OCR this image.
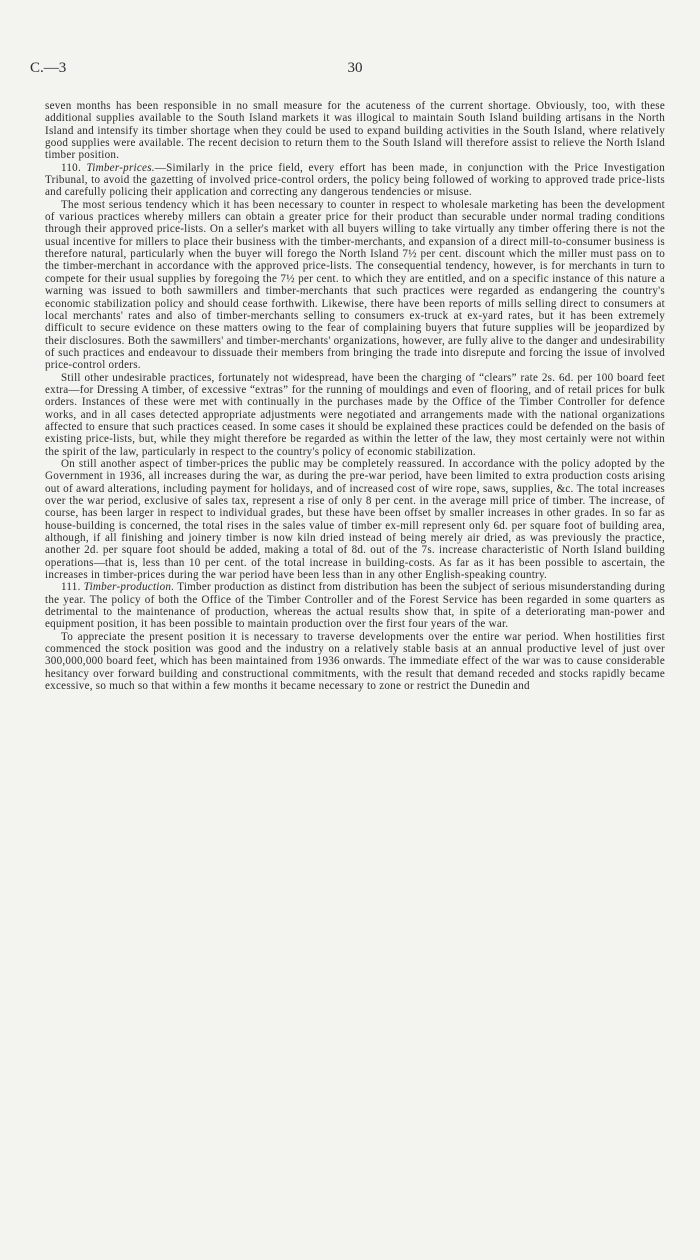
C.—3	30

seven months has been responsible in no small measure for the acuteness of the current shortage. Obviously, too, with these additional supplies available to the South Island markets it was illogical to maintain South Island building artisans in the North Island and intensify its timber shortage when they could be used to expand building activities in the South Island, where relatively good supplies were available. The recent decision to return them to the South Island will therefore assist to relieve the North Island timber position.

110. Timber-prices.—Similarly in the price field, every effort has been made, in conjunction with the Price Investigation Tribunal, to avoid the gazetting of involved price-control orders, the policy being followed of working to approved trade price-lists and carefully policing their application and correcting any dangerous tendencies or misuse.

The most serious tendency which it has been necessary to counter in respect to wholesale marketing has been the development of various practices whereby millers can obtain a greater price for their product than securable under normal trading conditions through their approved price-lists. On a seller's market with all buyers willing to take virtually any timber offering there is not the usual incentive for millers to place their business with the timber-merchants, and expansion of a direct mill-to-consumer business is therefore natural, particularly when the buyer will forego the North Island 7½ per cent. discount which the miller must pass on to the timber-merchant in accordance with the approved price-lists. The consequential tendency, however, is for merchants in turn to compete for their usual supplies by foregoing the 7½ per cent. to which they are entitled, and on a specific instance of this nature a warning was issued to both sawmillers and timber-merchants that such practices were regarded as endangering the country's economic stabilization policy and should cease forthwith. Likewise, there have been reports of mills selling direct to consumers at local merchants' rates and also of timber-merchants selling to consumers ex-truck at ex-yard rates, but it has been extremely difficult to secure evidence on these matters owing to the fear of complaining buyers that future supplies will be jeopardized by their disclosures. Both the sawmillers' and timber-merchants' organizations, however, are fully alive to the danger and undesirability of such practices and endeavour to dissuade their members from bringing the trade into disrepute and forcing the issue of involved price-control orders.

Still other undesirable practices, fortunately not widespread, have been the charging of “clears” rate 2s. 6d. per 100 board feet extra—for Dressing A timber, of excessive “extras” for the running of mouldings and even of flooring, and of retail prices for bulk orders. Instances of these were met with continually in the purchases made by the Office of the Timber Controller for defence works, and in all cases detected appropriate adjustments were negotiated and arrangements made with the national organizations affected to ensure that such practices ceased. In some cases it should be explained these practices could be defended on the basis of existing price-lists, but, while they might therefore be regarded as within the letter of the law, they most certainly were not within the spirit of the law, particularly in respect to the country's policy of economic stabilization.

On still another aspect of timber-prices the public may be completely reassured. In accordance with the policy adopted by the Government in 1936, all increases during the war, as during the pre-war period, have been limited to extra production costs arising out of award alterations, including payment for holidays, and of increased cost of wire rope, saws, supplies, &c. The total increases over the war period, exclusive of sales tax, represent a rise of only 8 per cent. in the average mill price of timber. The increase, of course, has been larger in respect to individual grades, but these have been offset by smaller increases in other grades. In so far as house-building is concerned, the total rises in the sales value of timber ex-mill represent only 6d. per square foot of building area, although, if all finishing and joinery timber is now kiln dried instead of being merely air dried, as was previously the practice, another 2d. per square foot should be added, making a total of 8d. out of the 7s. increase characteristic of North Island building operations—that is, less than 10 per cent. of the total increase in building-costs. As far as it has been possible to ascertain, the increases in timber-prices during the war period have been less than in any other English-speaking country.

111. Timber-production. Timber production as distinct from distribution has been the subject of serious misunderstanding during the year. The policy of both the Office of the Timber Controller and of the Forest Service has been regarded in some quarters as detrimental to the maintenance of production, whereas the actual results show that, in spite of a deteriorating man-power and equipment position, it has been possible to maintain production over the first four years of the war.

To appreciate the present position it is necessary to traverse developments over the entire war period. When hostilities first commenced the stock position was good and the industry on a relatively stable basis at an annual productive level of just over 300,000,000 board feet, which has been maintained from 1936 onwards. The immediate effect of the war was to cause considerable hesitancy over forward building and constructional commitments, with the result that demand receded and stocks rapidly became excessive, so much so that within a few months it became necessary to zone or restrict the Dunedin and
